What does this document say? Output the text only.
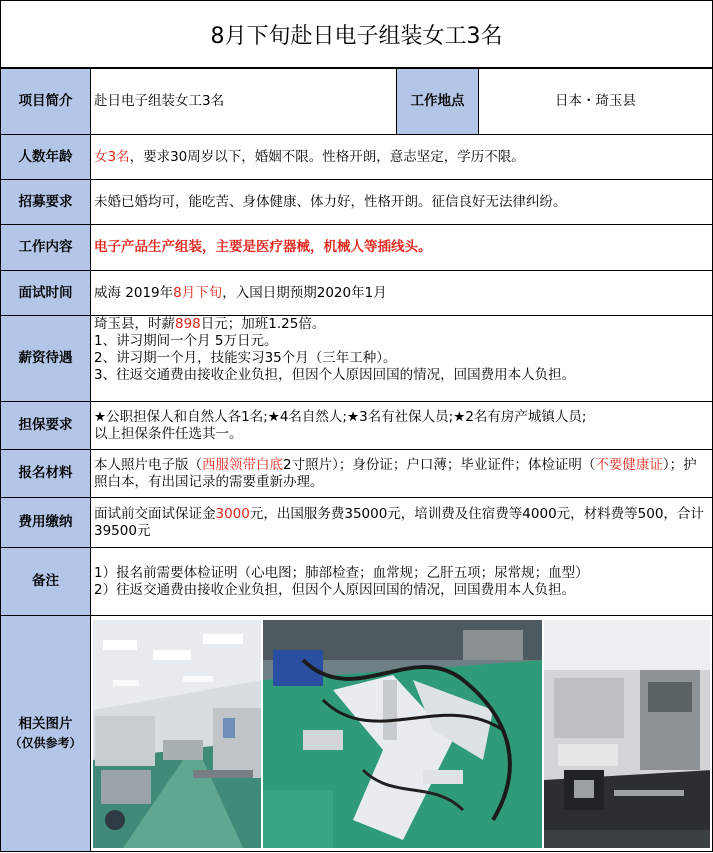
8月下旬赴日电子组装女工3名
项目简介	赴日电子组装女工3名	工作地点	日本・琦玉县
人数年龄	女3名，要求30周岁以下，婚姻不限。性格开朗，意志坚定，学历不限。		
招募要求	未婚已婚均可，能吃苦、身体健康、体力好，性格开朗。征信良好无法律纠纷。		
工作内容	电子产品生产组装，主要是医疗器械，机械人等插线头。		
面试时间	威海 2019年8月下旬，入国日期预期2020年1月		
薪资待遇	琦玉县，时薪898日元；加班1.25倍。
1、讲习期间一个月 5万日元。
2、讲习期一个月，技能实习35个月（三年工种）。
3、往返交通费由接收企业负担，但因个人原因回国的情况，回国费用本人负担。		

担保要求	★公职担保人和自然人各1名;★4名自然人;★3名有社保人员;★2名有房产城镇人员;
以上担保条件任选其一。		

报名材料	本人照片电子版（西服领带白底2寸照片）；身份证；户口薄；毕业证件；体检证明（不要健康证）；护照白本，有出国记录的需要重新办理。		
费用缴纳	面试前交面试保证金3000元，出国服务费35000元，培训费及住宿费等4000元，材料费等500，合计39500元		
备注	1）报名前需要体检证明（心电图；肺部检查；血常规；乙肝五项；尿常规；血型）
2）往返交通费由接收企业负担，但因个人原因回国的情况，回国费用本人负担。		

相关图片
（仅供参考）
